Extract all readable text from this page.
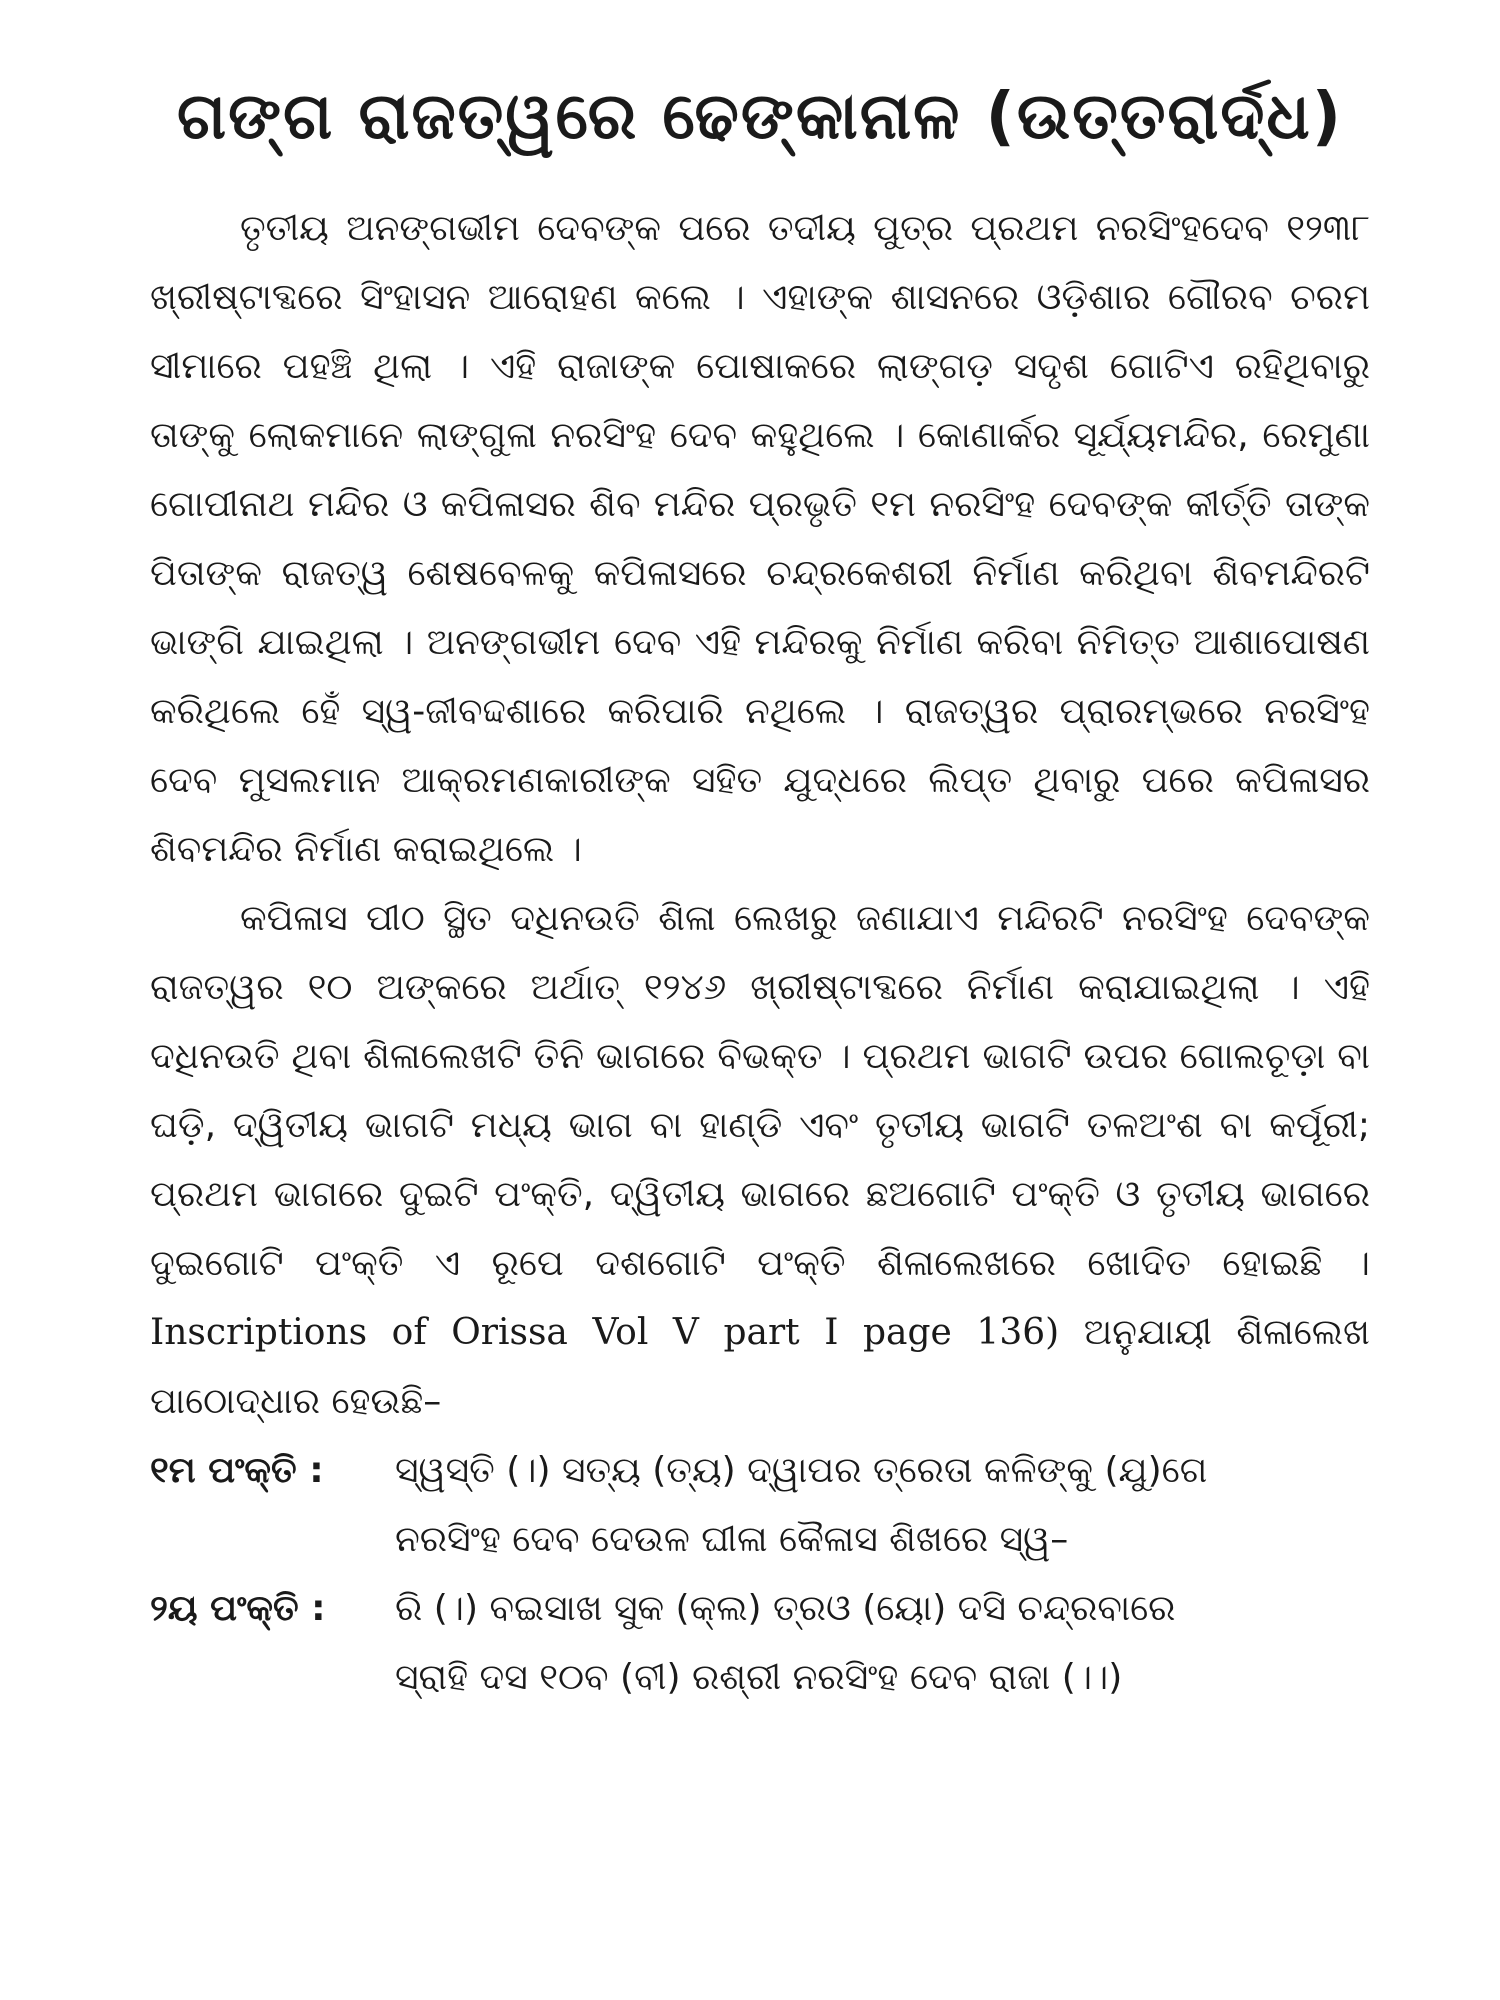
ଗଙ୍ଗ ରାଜତ୍ୱରେ ଢେଙ୍କାନାଳ (ଉତ୍ତରାର୍ଦ୍ଧ)

ତୃତୀୟ ଅନଙ୍ଗଭୀମ ଦେବଙ୍କ ପରେ ତଦୀୟ ପୁତ୍ର ପ୍ରଥମ ନରସିଂହଦେବ ୧୨୩୮ ଖ୍ରୀଷ୍ଟାବ୍ଦରେ ସିଂହାସନ ଆରୋହଣ କଲେ । ଏହାଙ୍କ ଶାସନରେ ଓଡ଼ିଶାର ଗୌରବ ଚରମ ସୀମାରେ ପହଞ୍ଚି ଥିଲା । ଏହି ରାଜାଙ୍କ ପୋଷାକରେ ଲାଙ୍ଗଡ଼ ସଦୃଶ ଗୋଟିଏ ରହିଥିବାରୁ ତାଙ୍କୁ ଲୋକମାନେ ଲାଙ୍ଗୁଳା ନରସିଂହ ଦେବ କହୁଥିଲେ । କୋଣାର୍କର ସୂର୍ଯ୍ୟମନ୍ଦିର, ରେମୁଣା ଗୋପୀନାଥ ମନ୍ଦିର ଓ କପିଳାସର ଶିବ ମନ୍ଦିର ପ୍ରଭୃତି ୧ମ ନରସିଂହ ଦେବଙ୍କ କୀର୍ତ୍ତି ତାଙ୍କ ପିତାଙ୍କ ରାଜତ୍ୱ ଶେଷବେଳକୁ କପିଳାସରେ ଚନ୍ଦ୍ରକେଶରୀ ନିର୍ମାଣ କରିଥିବା ଶିବମନ୍ଦିରଟି ଭାଙ୍ଗି ଯାଇଥିଲା । ଅନଙ୍ଗଭୀମ ଦେବ ଏହି ମନ୍ଦିରକୁ ନିର୍ମାଣ କରିବା ନିମିତ୍ତ ଆଶାପୋଷଣ କରିଥିଲେ ହେଁ ସ୍ୱ-ଜୀବଦ୍ଦଶାରେ କରିପାରି ନଥିଲେ । ରାଜତ୍ୱର ପ୍ରାରମ୍ଭରେ ନରସିଂହ ଦେବ ମୁସଲମାନ ଆକ୍ରମଣକାରୀଙ୍କ ସହିତ ଯୁଦ୍ଧରେ ଲିପ୍ତ ଥିବାରୁ ପରେ କପିଳାସର ଶିବମନ୍ଦିର ନିର୍ମାଣ କରାଇଥିଲେ ।

କପିଳାସ ପୀଠ ସ୍ଥିତ ଦଧିନଉତି ଶିଳା ଲେଖରୁ ଜଣାଯାଏ ମନ୍ଦିରଟି ନରସିଂହ ଦେବଙ୍କ ରାଜତ୍ୱର ୧୦ ଅଙ୍କରେ ଅର୍ଥାତ୍ ୧୨୪୬ ଖ୍ରୀଷ୍ଟାବ୍ଦରେ ନିର୍ମାଣ କରାଯାଇଥିଲା । ଏହି ଦଧିନଉତି ଥିବା ଶିଳାଲେଖଟି ତିନି ଭାଗରେ ବିଭକ୍ତ । ପ୍ରଥମ ଭାଗଟି ଉପର ଗୋଲଚୂଡ଼ା ବା ଘଡ଼ି, ଦ୍ୱିତୀୟ ଭାଗଟି ମଧ୍ୟ ଭାଗ ବା ହାଣ୍ଡି ଏବଂ ତୃତୀୟ ଭାଗଟି ତଳଅଂଶ ବା କର୍ପୂରୀ; ପ୍ରଥମ ଭାଗରେ ଦୁଇଟି ପଂକ୍ତି, ଦ୍ୱିତୀୟ ଭାଗରେ ଛଅଗୋଟି ପଂକ୍ତି ଓ ତୃତୀୟ ଭାଗରେ ଦୁଇଗୋଟି ପଂକ୍ତି ଏ ରୂପେ ଦଶଗୋଟି ପଂକ୍ତି ଶିଳାଲେଖରେ ଖୋଦିତ ହୋଇଛି । Inscriptions of Orissa Vol V part I page 136) ଅନୁଯାୟୀ ଶିଳାଲେଖ ପାଠୋଦ୍ଧାର ହେଉଛି–

୧ମ ପଂକ୍ତି :	ସ୍ୱସ୍ତି (।) ସତ୍ୟ (ତ୍ୟ) ଦ୍ୱାପର ତ୍ରେତା କଳିଙ୍କୁ (ଯୁ)ଗେ
ନରସିଂହ ଦେବ ଦେଉଳ ଘୀଳା କୈଳାସ ଶିଖରେ ସ୍ୱ–
୨ୟ ପଂକ୍ତି :	ରି (।) ବଇସାଖ ସୁକ (କ୍ଲ) ତ୍ରଓ (ୟୋ) ଦସି ଚନ୍ଦ୍ରବାରେ
ସ୍ରାହି ଦସ ୧୦ବ (ବୀ) ରଶ୍ରୀ ନରସିଂହ ଦେବ ରାଜା (।।)
